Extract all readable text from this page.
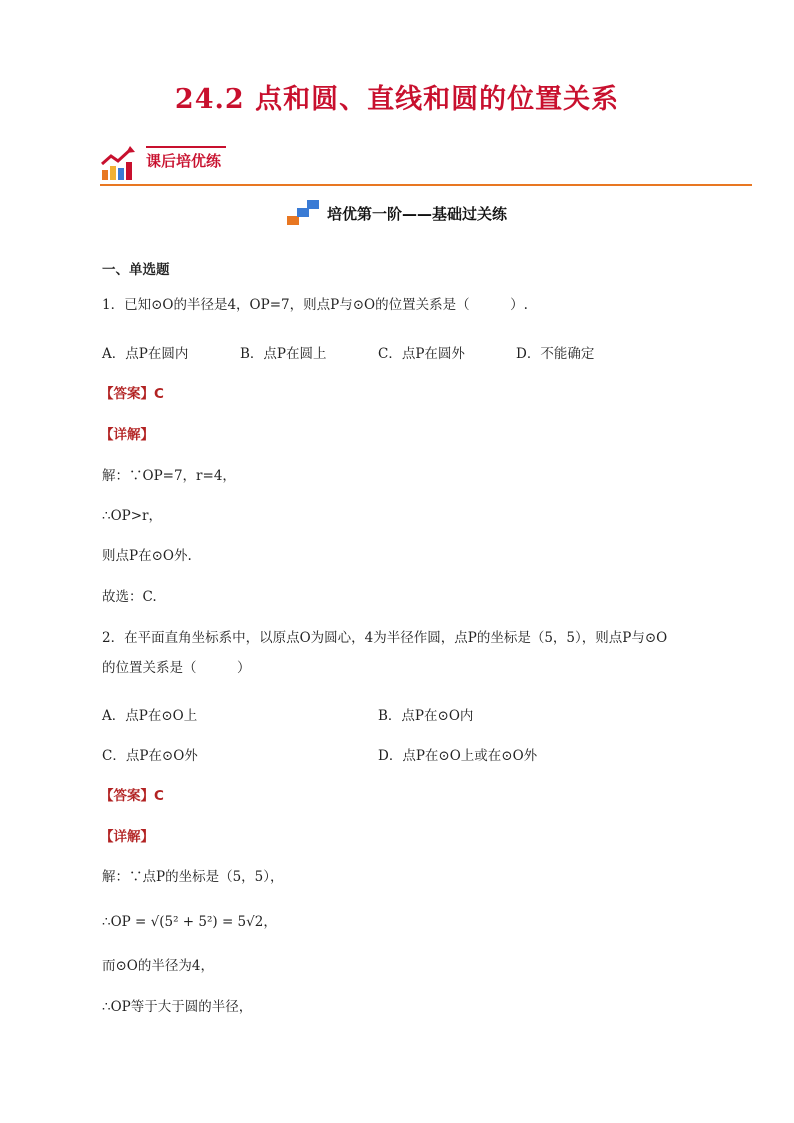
24.2 点和圆、直线和圆的位置关系
课后培优练
培优第一阶——基础过关练
一、单选题
1．已知⊙O的半径是4，OP=7，则点P与⊙O的位置关系是（　　　）.
A．点P在圆内	B．点P在圆上	C．点P在圆外	D．不能确定
【答案】C
【详解】
解：∵OP=7，r=4，
∴OP>r，
则点P在⊙O外.
故选：C.
2．在平面直角坐标系中，以原点O为圆心，4为半径作圆，点P的坐标是（5，5），则点P与⊙O
的位置关系是（　　　）
A．点P在⊙O上	B．点P在⊙O内
C．点P在⊙O外	D．点P在⊙O上或在⊙O外
【答案】C
【详解】
解：∵点P的坐标是（5，5），
∴OP = √(5² + 5²) = 5√2，
而⊙O的半径为4，
∴OP等于大于圆的半径，
